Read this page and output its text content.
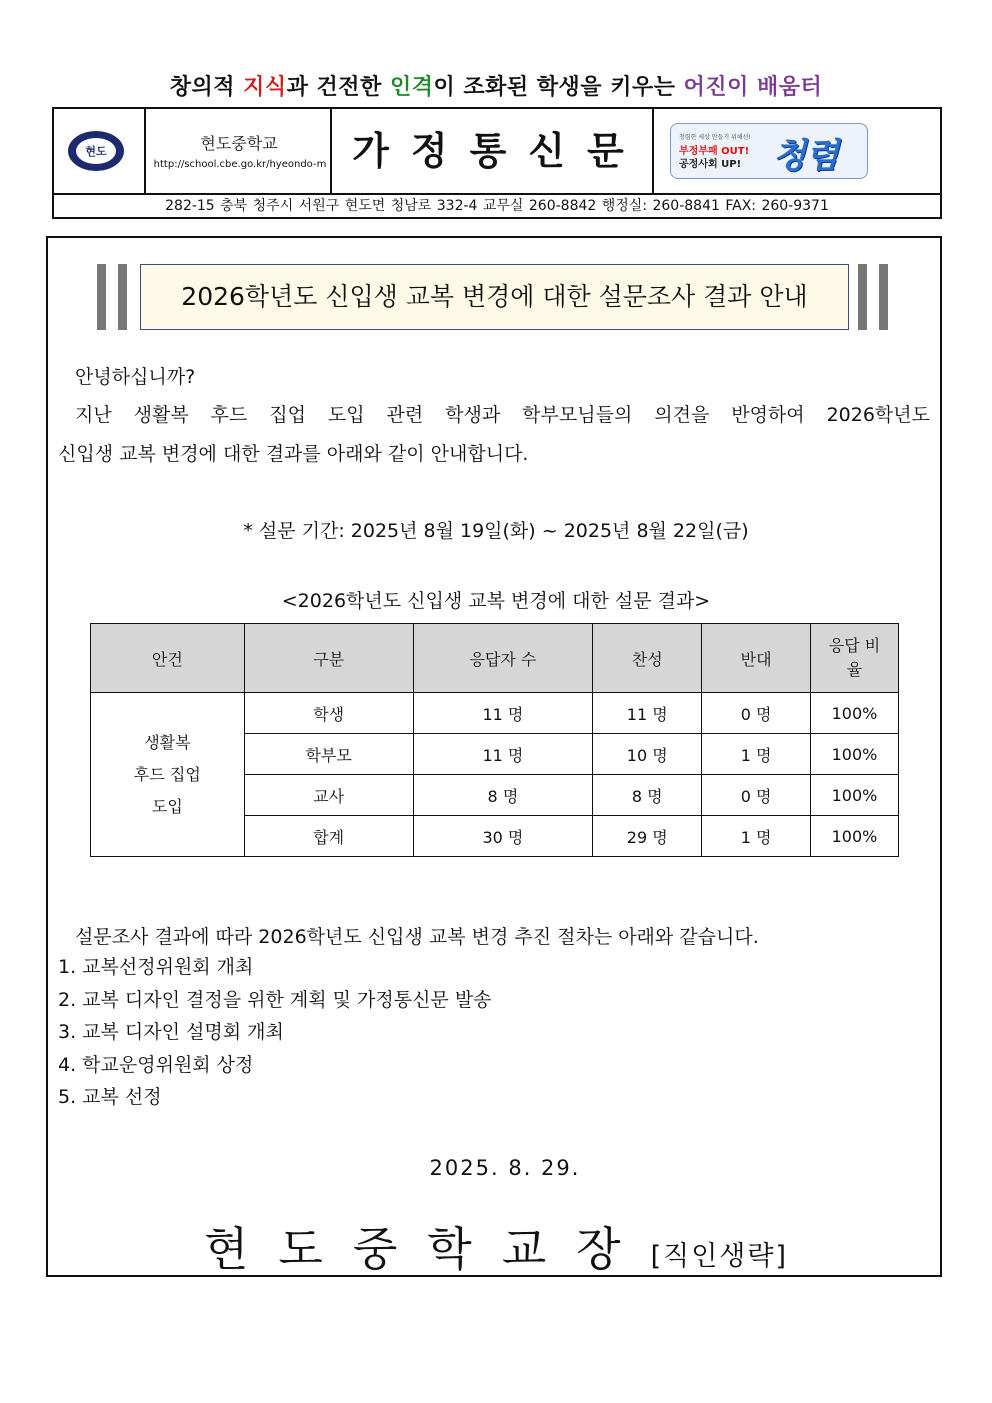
창의적 지식과 건전한 인격이 조화된 학생을 키우는 어진이 배움터
현도	현도중학교
http://school.cbe.go.kr/hyeondo-m 가정통신문	청렴한 세상 만들기 위해선!
부정부패 OUT!
공정사회 UP! 청렴
282-15 충북 청주시 서원구 현도면 청남로 332-4 교무실 260-8842 행정실: 260-8841 FAX: 260-9371
2026학년도 신입생 교복 변경에 대한 설문조사 결과 안내
안녕하십니까?
지난 생활복 후드 집업 도입 관련 학생과 학부모님들의 의견을 반영하여 2026학년도
신입생 교복 변경에 대한 결과를 아래와 같이 안내합니다.
* 설문 기간: 2025년 8월 19일(화) ~ 2025년 8월 22일(금)
<2026학년도 신입생 교복 변경에 대한 설문 결과>
안건	구분	응답자 수	찬성	반대	응답 비율

생활복
후드 집업
도입	학생	11 명	11 명	0 명	100%
	학부모	11 명	10 명	1 명	100%
	교사	8 명	8 명	0 명	100%
	합계	30 명	29 명	1 명	100%
설문조사 결과에 따라 2026학년도 신입생 교복 변경 추진 절차는 아래와 같습니다.
1. 교복선정위원회 개최
2. 교복 디자인 결정을 위한 계획 및 가정통신문 발송
3. 교복 디자인 설명회 개최
4. 학교운영위원회 상정
5. 교복 선정
2025. 8. 29.
현도중학교장[직인생략]
